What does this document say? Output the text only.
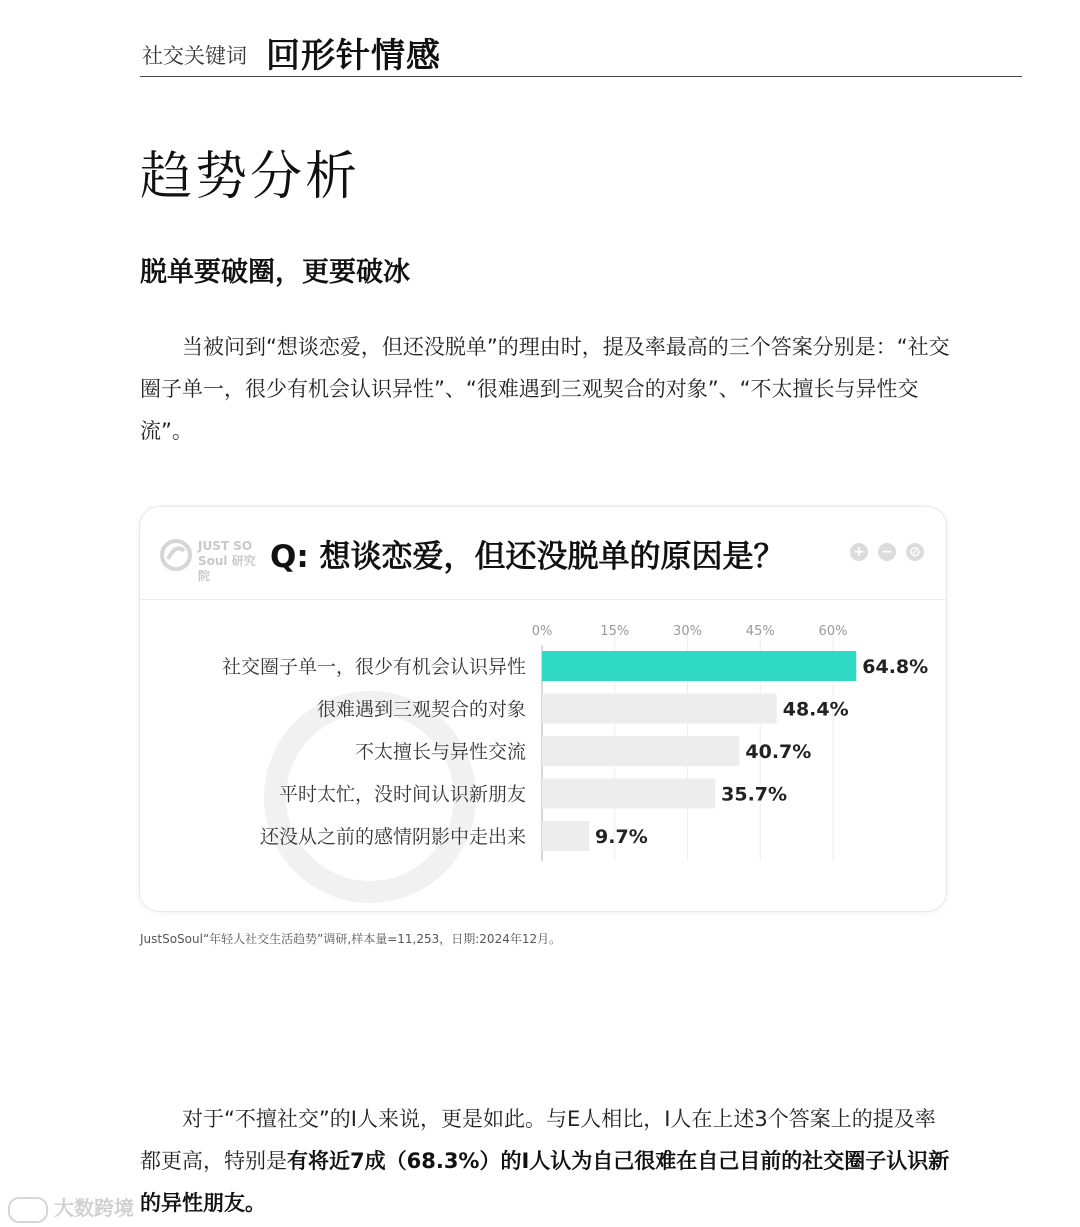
社交关键词 回形针情感
趋势分析
脱单要破圈，更要破冰
当被问到“想谈恋爱，但还没脱单”的理由时，提及率最高的三个答案分别是：“社交圈子单一，很少有机会认识异性”、“很难遇到三观契合的对象”、“不太擅长与异性交流”。
JUST SO
Soul 研究院
Q: 想谈恋爱，但还没脱单的原因是？	+ − ⊘
0%	15%	30%	45%	60%
社交圈子单一，很少有机会认识异性	64.8%
很难遇到三观契合的对象	48.4%
不太擅长与异性交流	40.7%
平时太忙，没时间认识新朋友	35.7%
还没从之前的感情阴影中走出来	9.7%
JustSoSoul“年轻人社交生活趋势”调研,样本量=11,253，日期:2024年12月。
对于“不擅社交”的I人来说，更是如此。与E人相比，I人在上述3个答案上的提及率都更高，特别是有将近7成（68.3%）的I人认为自己很难在自己目前的社交圈子认识新的异性朋友。
大数跨境
